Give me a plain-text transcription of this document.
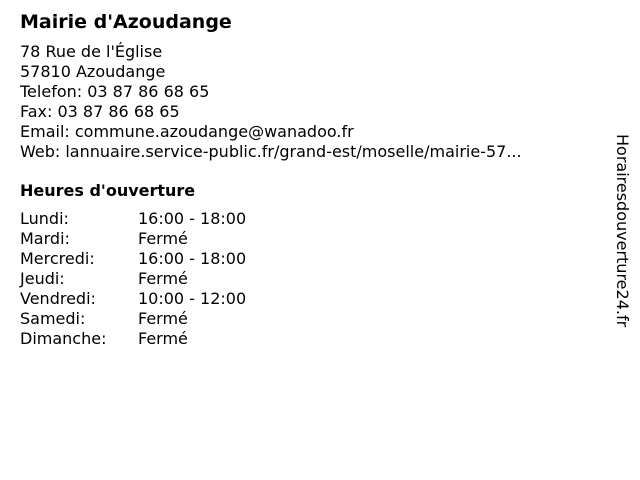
Mairie d'Azoudange
78 Rue de l'Église
57810 Azoudange
Telefon: 03 87 86 68 65
Fax: 03 87 86 68 65
Email: commune.azoudange@wanadoo.fr
Web: lannuaire.service-public.fr/grand-est/moselle/mairie-57...
Heures d'ouverture
Lundi:	16:00 - 18:00
Mardi:	Fermé
Mercredi:	16:00 - 18:00
Jeudi:	Fermé
Vendredi:	10:00 - 12:00
Samedi:	Fermé
Dimanche:	Fermé
Horairesdouverture24.fr
